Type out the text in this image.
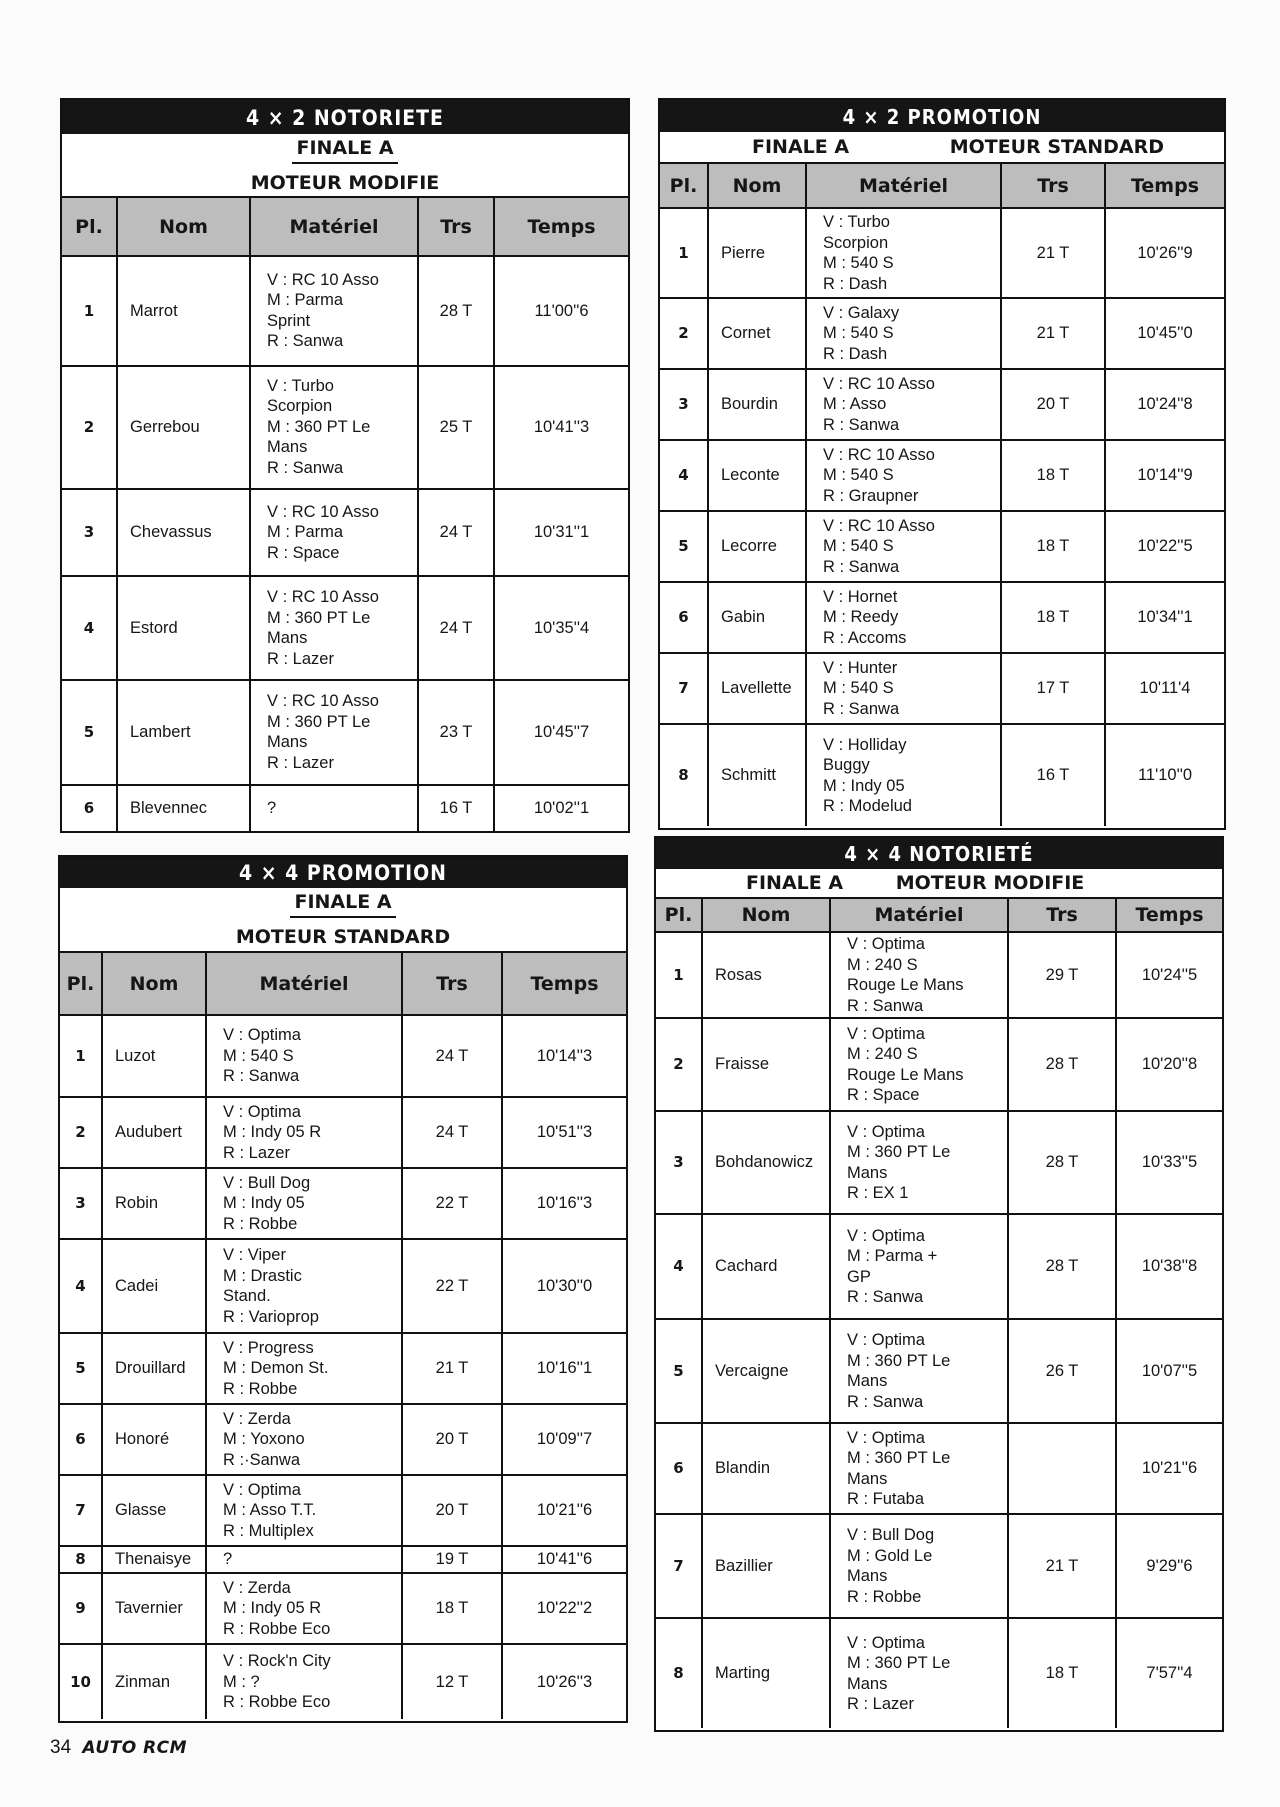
4 × 2 NOTORIETE
FINALE A
MOTEUR MODIFIE
Pl.	Nom	Matériel	Trs	Temps
1	Marrot	V : RC 10 Asso
M : Parma
Sprint
R : Sanwa	28 T	11'00''6
2	Gerrebou	V : Turbo
Scorpion
M : 360 PT Le
Mans
R : Sanwa	25 T	10'41''3
3	Chevassus	V : RC 10 Asso
M : Parma
R : Space	24 T	10'31''1
4	Estord	V : RC 10 Asso
M : 360 PT Le
Mans
R : Lazer	24 T	10'35''4
5	Lambert	V : RC 10 Asso
M : 360 PT Le
Mans
R : Lazer	23 T	10'45''7
6	Blevennec	?	16 T	10'02''1
4 × 2 PROMOTION
FINALE A	MOTEUR STANDARD
Pl.	Nom	Matériel	Trs	Temps
1	Pierre	V : Turbo
Scorpion
M : 540 S
R : Dash	21 T	10'26''9
2	Cornet	V : Galaxy
M : 540 S
R : Dash	21 T	10'45''0
3	Bourdin	V : RC 10 Asso
M : Asso
R : Sanwa	20 T	10'24''8
4	Leconte	V : RC 10 Asso
M : 540 S
R : Graupner	18 T	10'14''9
5	Lecorre	V : RC 10 Asso
M : 540 S
R : Sanwa	18 T	10'22''5
6	Gabin	V : Hornet
M : Reedy
R : Accoms	18 T	10'34''1
7	Lavellette	V : Hunter
M : 540 S
R : Sanwa	17 T	10'11'4
8	Schmitt	V : Holliday
Buggy
M : Indy 05
R : Modelud	16 T	11'10''0
4 × 4 PROMOTION
FINALE A
MOTEUR STANDARD
Pl.	Nom	Matériel	Trs	Temps
1	Luzot	V : Optima
M : 540 S
R : Sanwa	24 T	10'14''3
2	Audubert	V : Optima
M : Indy 05 R
R : Lazer	24 T	10'51''3
3	Robin	V : Bull Dog
M : Indy 05
R : Robbe	22 T	10'16''3
4	Cadei	V : Viper
M : Drastic
Stand.
R : Varioprop	22 T	10'30''0
5	Drouillard	V : Progress
M : Demon St.
R : Robbe	21 T	10'16''1
6	Honoré	V : Zerda
M : Yoxono
R :·Sanwa	20 T	10'09''7
7	Glasse	V : Optima
M : Asso T.T.
R : Multiplex	20 T	10'21''6
8	Thenaisye	?	19 T	10'41''6
9	Tavernier	V : Zerda
M : Indy 05 R
R : Robbe Eco	18 T	10'22''2
10	Zinman	V : Rock'n City
M : ?
R : Robbe Eco	12 T	10'26''3
4 × 4 NOTORIETÉ
FINALE A	MOTEUR MODIFIE
Pl.	Nom	Matériel	Trs	Temps
1	Rosas	V : Optima
M : 240 S
Rouge Le Mans
R : Sanwa	29 T	10'24''5
2	Fraisse	V : Optima
M : 240 S
Rouge Le Mans
R : Space	28 T	10'20''8
3	Bohdanowicz	V : Optima
M : 360 PT Le
Mans
R : EX 1	28 T	10'33''5
4	Cachard	V : Optima
M : Parma +
GP
R : Sanwa	28 T	10'38''8
5	Vercaigne	V : Optima
M : 360 PT Le
Mans
R : Sanwa	26 T	10'07''5
6	Blandin	V : Optima
M : 360 PT Le
Mans
R : Futaba		10'21''6
7	Bazillier	V : Bull Dog
M : Gold Le
Mans
R : Robbe	21 T	9'29''6
8	Marting	V : Optima
M : 360 PT Le
Mans
R : Lazer	18 T	7'57''4
34 AUTO RCM
